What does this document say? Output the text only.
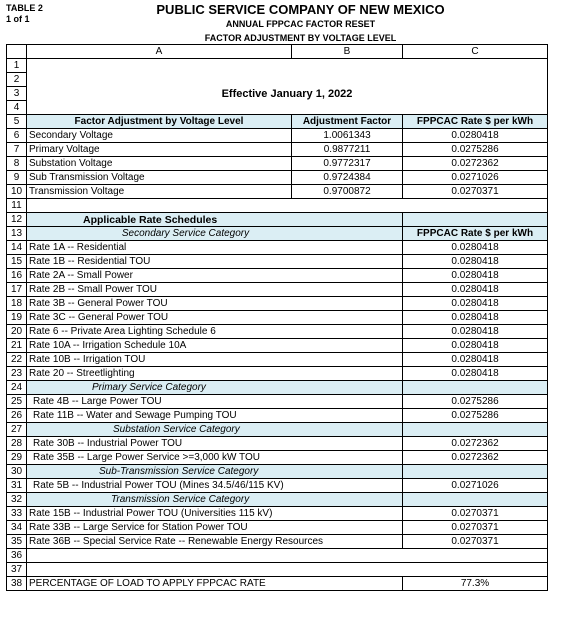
TABLE 2
1 of 1
PUBLIC SERVICE COMPANY OF NEW MEXICO
ANNUAL FPPCAC FACTOR RESET
FACTOR ADJUSTMENT BY VOLTAGE LEVEL
	A	B	C
1	Effective January 1, 2022		
2			
3			
4			
5	Factor Adjustment by Voltage Level	Adjustment Factor	FPPCAC Rate $ per kWh
6	Secondary Voltage	1.0061343	0.0280418
7	Primary Voltage	0.9877211	0.0275286
8	Substation Voltage	0.9772317	0.0272362
9	Sub Transmission Voltage	0.9724384	0.0271026
10	Transmission Voltage	0.9700872	0.0270371
11			
12	Applicable Rate Schedules		
13	Secondary Service Category		FPPCAC Rate $ per kWh
14	Rate 1A -- Residential		0.0280418
15	Rate 1B -- Residential TOU		0.0280418
16	Rate 2A -- Small Power		0.0280418
17	Rate 2B -- Small Power TOU		0.0280418
18	Rate 3B -- General Power TOU		0.0280418
19	Rate 3C -- General Power TOU		0.0280418
20	Rate 6 -- Private Area Lighting Schedule 6		0.0280418
21	Rate 10A -- Irrigation Schedule 10A		0.0280418
22	Rate 10B -- Irrigation TOU		0.0280418
23	Rate 20 -- Streetlighting		0.0280418
24	Primary Service Category		
25	Rate 4B -- Large Power TOU		0.0275286
26	Rate 11B -- Water and Sewage Pumping TOU		0.0275286
27	Substation Service Category		
28	Rate 30B -- Industrial Power TOU		0.0272362
29	Rate 35B -- Large Power Service >=3,000 kW TOU		0.0272362
30	Sub-Transmission Service Category		
31	Rate 5B -- Industrial Power TOU (Mines 34.5/46/115 KV)		0.0271026
32	Transmission Service Category		
33	Rate 15B -- Industrial Power TOU (Universities 115 kV)		0.0270371
34	Rate 33B -- Large Service for Station Power TOU		0.0270371
35	Rate 36B -- Special Service Rate -- Renewable Energy Resources		0.0270371
36			
37			
38	PERCENTAGE OF LOAD TO APPLY FPPCAC RATE		77.3%
